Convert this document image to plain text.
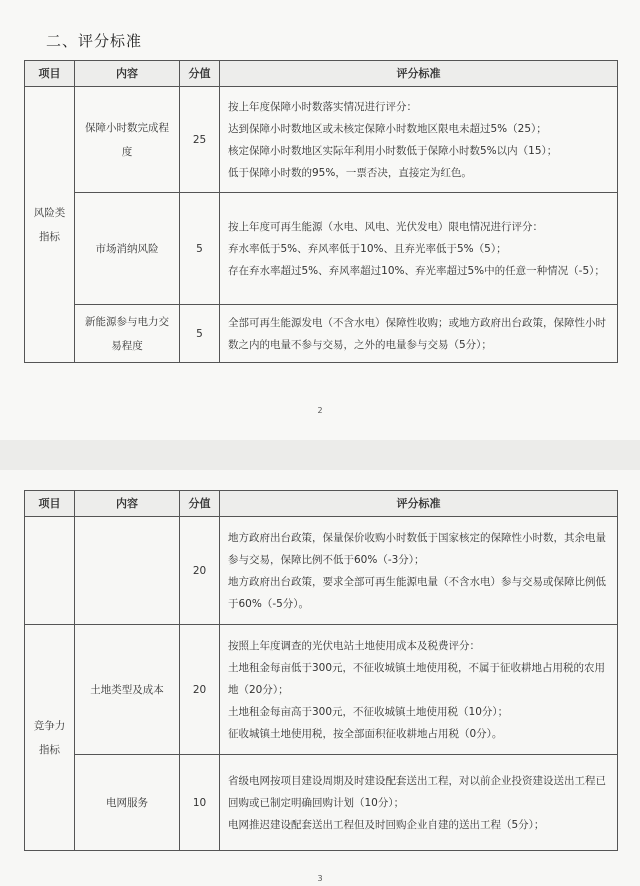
二、评分标准
项目	内容	分值	评分标准
风险类指标	保障小时数完成程度	25	按上年度保障小时数落实情况进行评分：

达到保障小时数地区或未核定保障小时数地区限电未超过5%（25）；

核定保障小时数地区实际年利用小时数低于保障小时数5%以内（15）；

低于保障小时数的95%，一票否决，直接定为红色。

	市场消纳风险	5	按上年度可再生能源（水电、风电、光伏发电）限电情况进行评分：

弃水率低于5%、弃风率低于10%、且弃光率低于5%（5）；

存在弃水率超过5%、弃风率超过10%、弃光率超过5%中的任意一种情况（-5）；

	新能源参与电力交易程度	5	全部可再生能源发电（不含水电）保障性收购；或地方政府出台政策，保障性小时数之内的电量不参与交易，之外的电量参与交易（5分）；

2
项目	内容	分值	评分标准
		20	地方政府出台政策，保量保价收购小时数低于国家核定的保障性小时数，其余电量参与交易，保障比例不低于60%（-3分）；

地方政府出台政策，要求全部可再生能源电量（不含水电）参与交易或保障比例低于60%（-5分）。

竞争力指标	土地类型及成本	20	按照上年度调查的光伏电站土地使用成本及税费评分：

土地租金每亩低于300元，不征收城镇土地使用税，不属于征收耕地占用税的农用地（20分）；

土地租金每亩高于300元，不征收城镇土地使用税（10分）；

征收城镇土地使用税，按全部面积征收耕地占用税（0分）。

	电网服务	10	省级电网按项目建设周期及时建设配套送出工程，对以前企业投资建设送出工程已回购或已制定明确回购计划（10分）；

电网推迟建设配套送出工程但及时回购企业自建的送出工程（5分）；

3
